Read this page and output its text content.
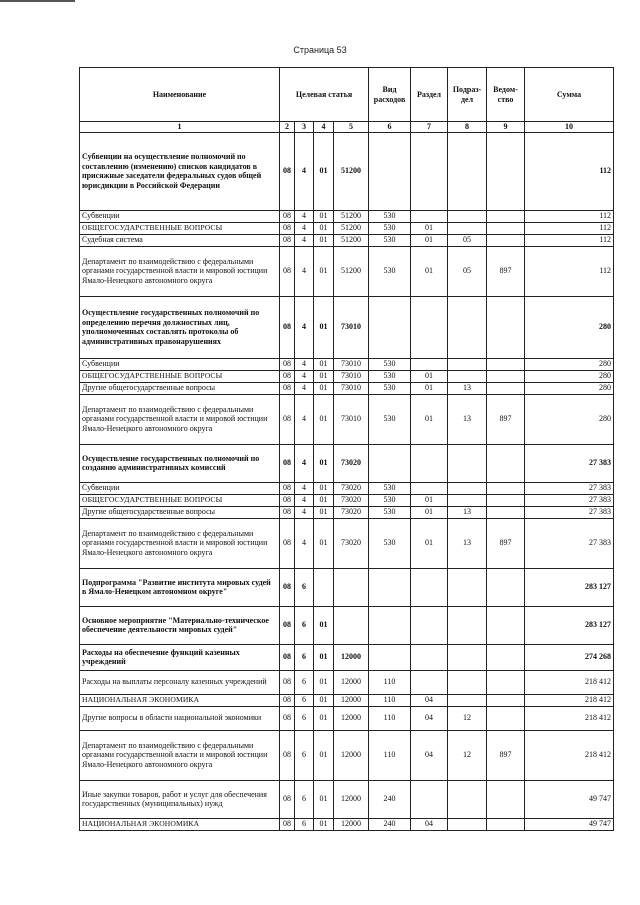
Страница 53
Наименование	Целевая статья				Вид расходов	Раздел	Подраз- дел	Ведом- ство	Сумма
1	2	3	4	5	6	7	8	9	10
Субвенции на осуществление полномочий по составлению (изменению) списков кандидатов в присяжные заседатели федеральных судов общей юрисдикции в Российской Федерации	08	4	01	51200					112
Субвенции	08	4	01	51200	530				112
ОБЩЕГОСУДАРСТВЕННЫЕ ВОПРОСЫ	08	4	01	51200	530	01			112
Судебная система	08	4	01	51200	530	01	05		112
Департамент по взаимодействию с федеральными органами государственной власти и мировой юстиции Ямало-Ненецкого автономного округа	08	4	01	51200	530	01	05	897	112
Осуществление государственных полномочий по определению перечня должностных лиц, уполномоченных составлять протоколы об административных правонарушениях	08	4	01	73010					280
Субвенции	08	4	01	73010	530				280
ОБЩЕГОСУДАРСТВЕННЫЕ ВОПРОСЫ	08	4	01	73010	530	01			280
Другие общегосударственные вопросы	08	4	01	73010	530	01	13		280
Департамент по взаимодействию с федеральными органами государственной власти и мировой юстиции Ямало-Ненецкого автономного округа	08	4	01	73010	530	01	13	897	280
Осуществление государственных полномочий по созданию административных комиссий	08	4	01	73020					27 383
Субвенции	08	4	01	73020	530				27 383
ОБЩЕГОСУДАРСТВЕННЫЕ ВОПРОСЫ	08	4	01	73020	530	01			27 383
Другие общегосударственные вопросы	08	4	01	73020	530	01	13		27 383
Департамент по взаимодействию с федеральными органами государственной власти и мировой юстиции Ямало-Ненецкого автономного округа	08	4	01	73020	530	01	13	897	27 383
Подпрограмма "Развитие института мировых судей в Ямало-Ненецком автономном округе"	08	6							283 127
Основное мероприятие "Материально-техническое обеспечение деятельности мировых судей"	08	6	01						283 127
Расходы на обеспечение функций казенных учреждений	08	6	01	12000					274 268
Расходы на выплаты персоналу казенных учреждений	08	6	01	12000	110				218 412
НАЦИОНАЛЬНАЯ ЭКОНОМИКА	08	6	01	12000	110	04			218 412
Другие вопросы в области национальной экономики	08	6	01	12000	110	04	12		218 412
Департамент по взаимодействию с федеральными органами государственной власти и мировой юстиции Ямало-Ненецкого автономного округа	08	6	01	12000	110	04	12	897	218 412
Иные закупки товаров, работ и услуг для обеспечения государственных (муниципальных) нужд	08	6	01	12000	240				49 747
НАЦИОНАЛЬНАЯ ЭКОНОМИКА	08	6	01	12000	240	04			49 747
